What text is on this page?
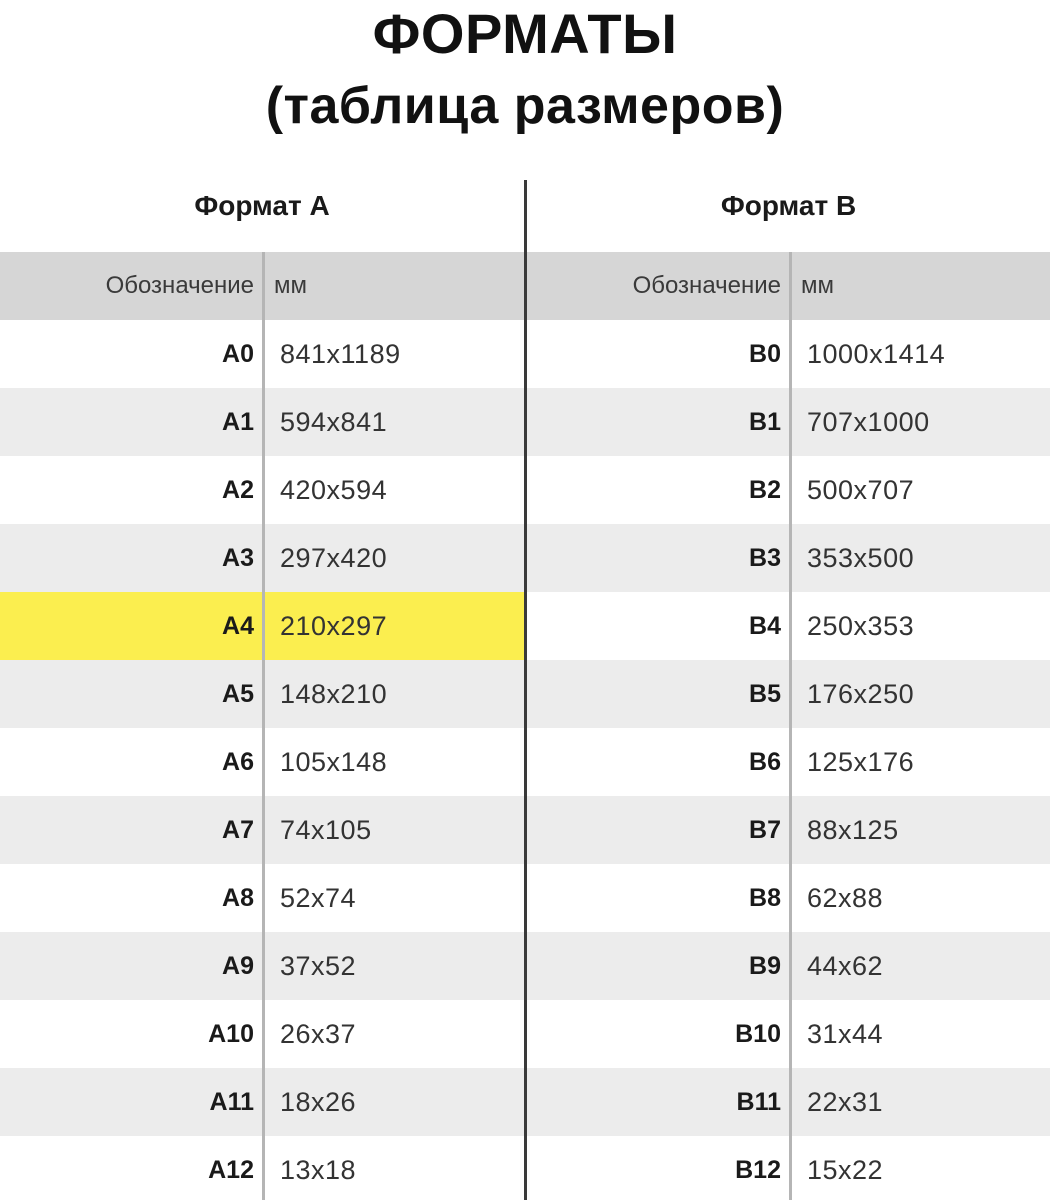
ФОРМАТЫ
(таблица размеров)
Формат А
Обозначение мм
А0 841x1189
А1 594x841
А2 420x594
А3 297x420
А4 210x297
А5 148x210
А6 105x148
А7 74x105
А8 52x74
А9 37x52
А10 26x37
А11 18x26
А12 13x18
Формат В
Обозначение мм
В0 1000x1414
В1 707x1000
В2 500x707
В3 353x500
В4 250x353
В5 176x250
В6 125x176
В7 88x125
В8 62x88
В9 44x62
В10 31x44
В11 22x31
В12 15x22
